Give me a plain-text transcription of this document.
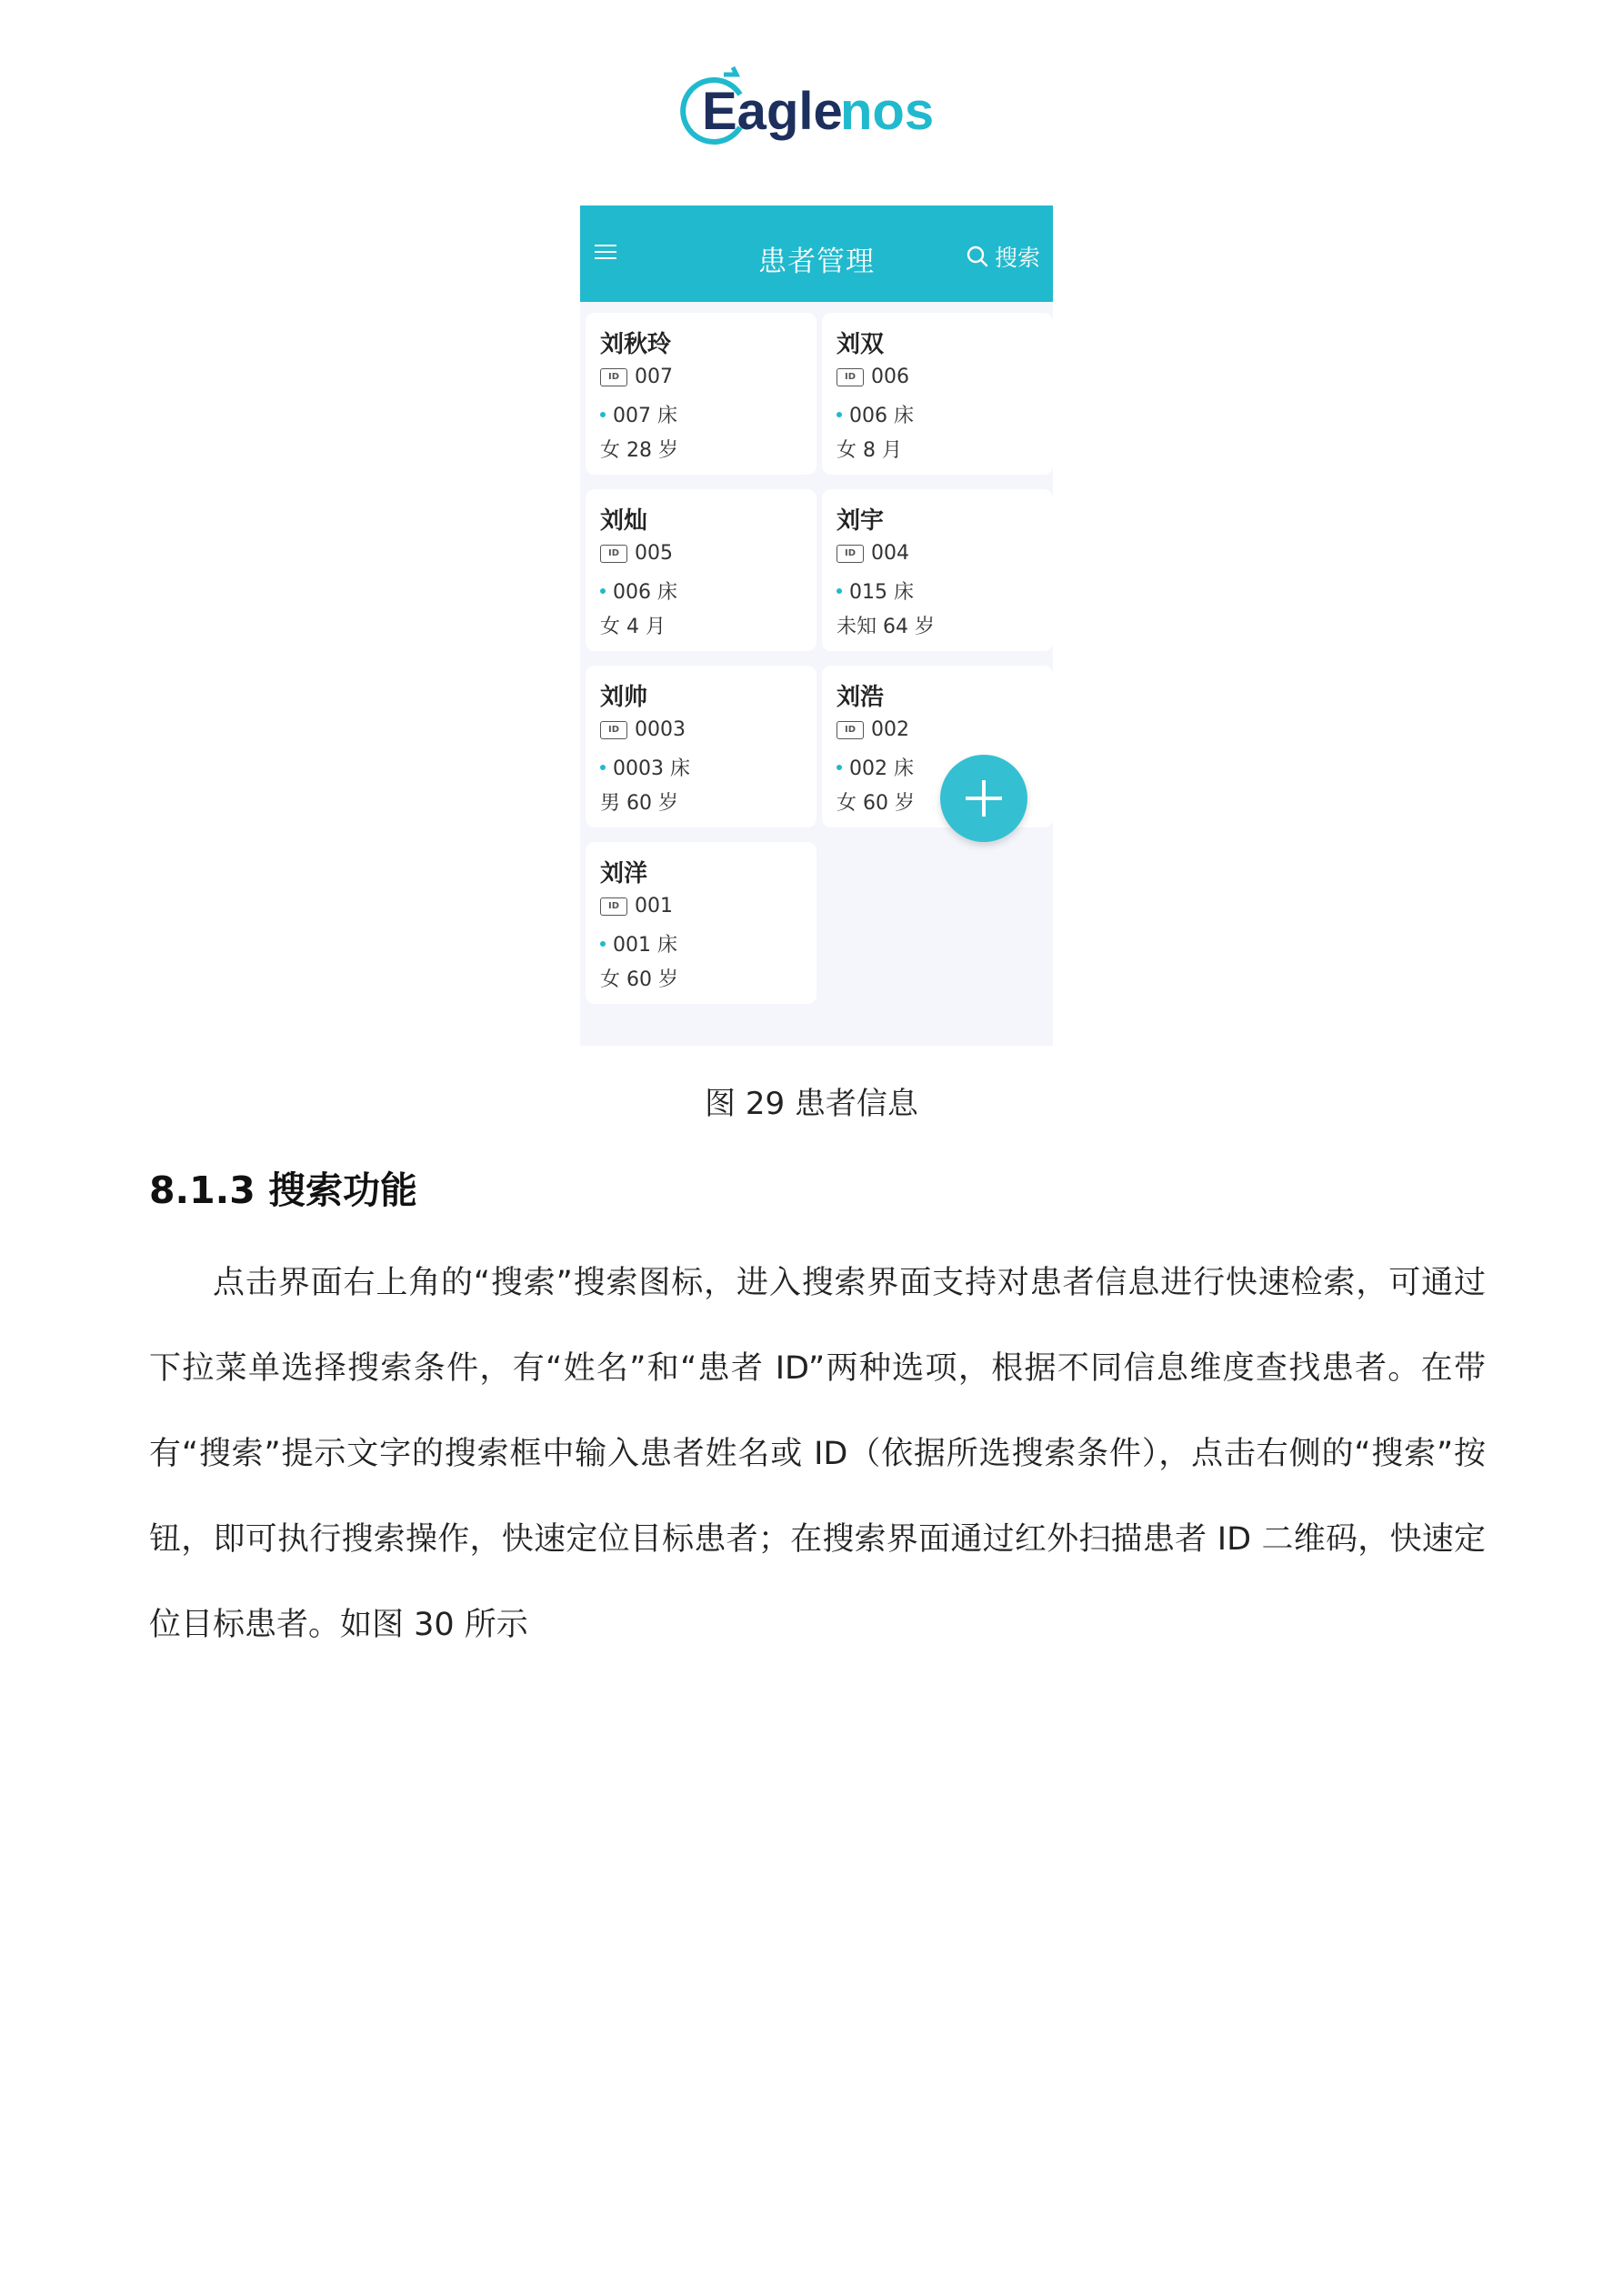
Eagle
nos
患者管理	搜索
刘秋玲
ID 007
007 床
女 28 岁
刘双
ID 006
006 床
女 8 月
刘灿
ID 005
006 床
女 4 月
刘宇
ID 004
015 床
未知 64 岁
刘帅
ID 0003
0003 床
男 60 岁
刘浩
ID 002
002 床
女 60 岁
刘洋
ID 001
001 床
女 60 岁
图 29 患者信息
8.1.3 搜索功能
点击界面右上角的“搜索”搜索图标，进入搜索界面支持对患者信息进行快速检索，可通过下拉菜单选择搜索条件，有“姓名”和“患者 ID”两种选项，根据不同信息维度查找患者。在带有“搜索”提示文字的搜索框中输入患者姓名或 ID（依据所选搜索条件），点击右侧的“搜索”按钮，即可执行搜索操作，快速定位目标患者；在搜索界面通过红外扫描患者 ID 二维码，快速定位目标患者。如图 30 所示
